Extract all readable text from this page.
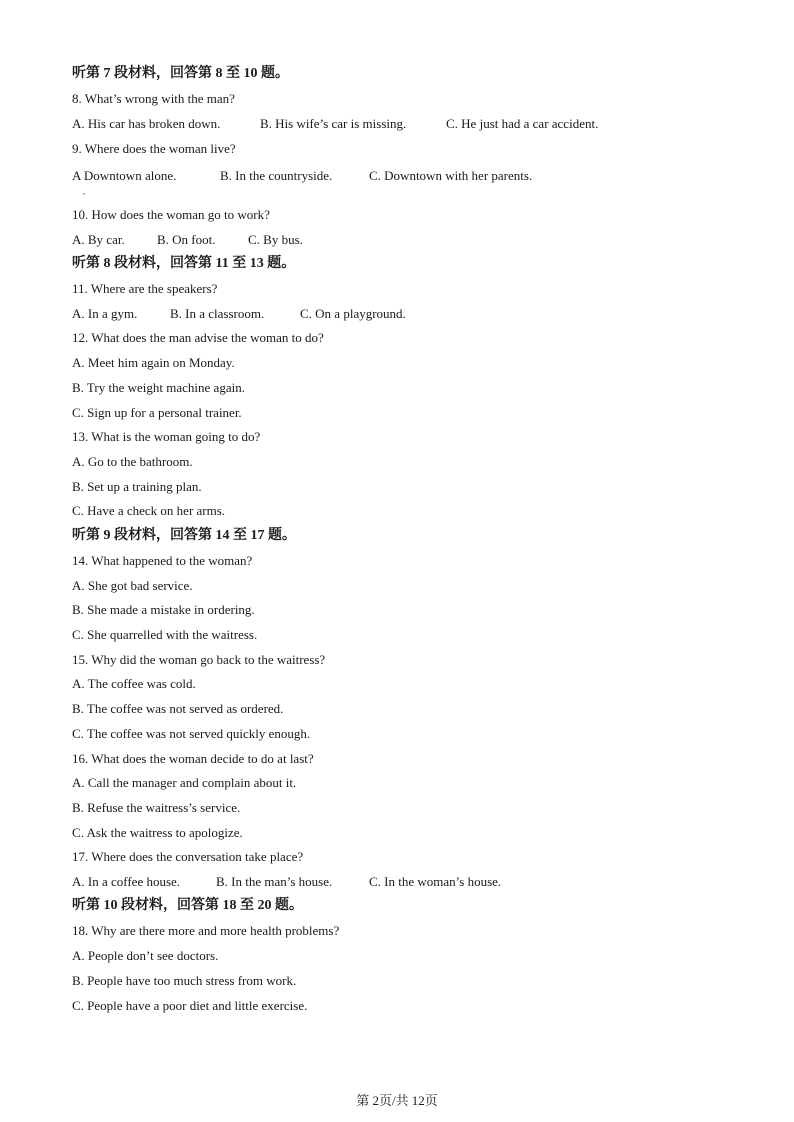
听第 7 段材料，回答第 8 至 10 题。
8. What’s wrong with the man?
A. His car has broken down.	B. His wife’s car is missing.	C. He just had a car accident.
9. Where does the woman live?
A Downtown alone.	B. In the countryside.	C. Downtown with her parents.
,
10. How does the woman go to work?
A. By car. B. On foot.	C. By bus.
听第 8 段材料，回答第 11 至 13 题。
11. Where are the speakers?
A. In a gym.	B. In a classroom.	C. On a playground.
12. What does the man advise the woman to do?
A. Meet him again on Monday.
B. Try the weight machine again.
C. Sign up for a personal trainer.
13. What is the woman going to do?
A. Go to the bathroom.
B. Set up a training plan.
C. Have a check on her arms.
听第 9 段材料，回答第 14 至 17 题。
14. What happened to the woman?
A. She got bad service.
B. She made a mistake in ordering.
C. She quarrelled with the waitress.
15. Why did the woman go back to the waitress?
A. The coffee was cold.
B. The coffee was not served as ordered.
C. The coffee was not served quickly enough.
16. What does the woman decide to do at last?
A. Call the manager and complain about it.
B. Refuse the waitress’s service.
C. Ask the waitress to apologize.
17. Where does the conversation take place?
A. In a coffee house.	B. In the man’s house.	C. In the woman’s house.
听第 10 段材料，回答第 18 至 20 题。
18. Why are there more and more health problems?
A. People don’t see doctors.
B. People have too much stress from work.
C. People have a poor diet and little exercise.
第 2页/共 12页
